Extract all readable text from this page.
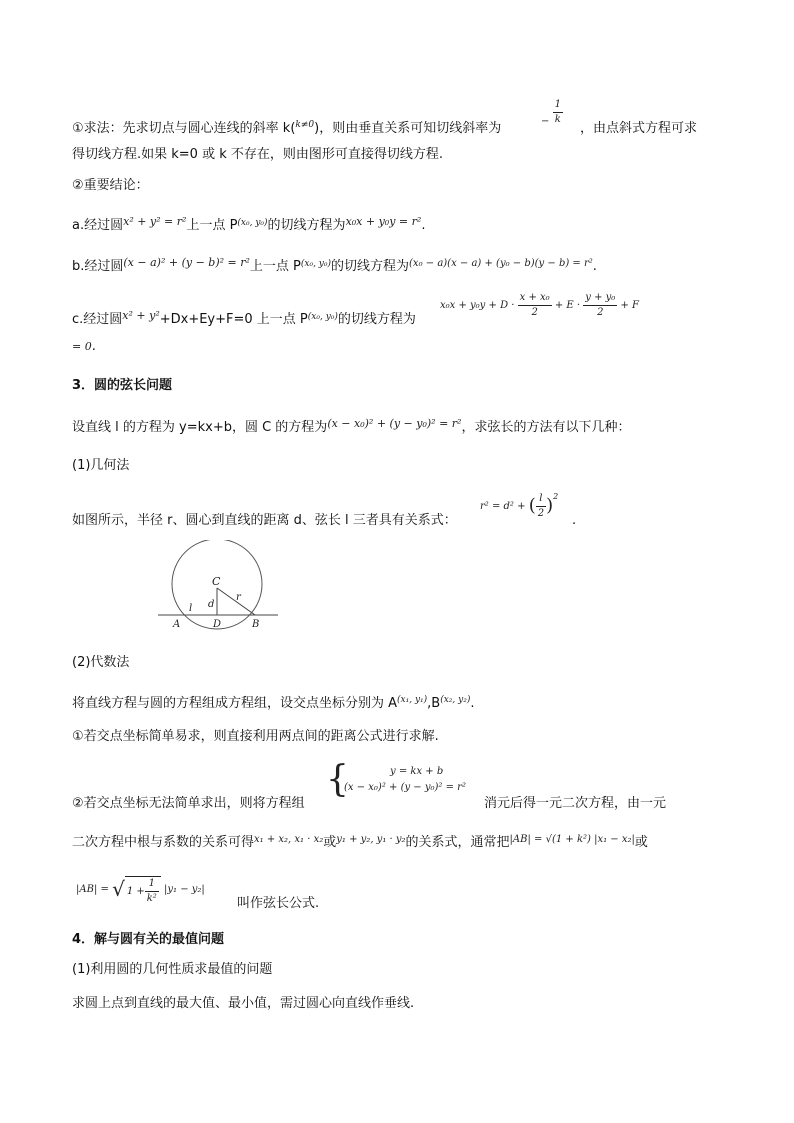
①求法：先求切点与圆心连线的斜率 k($^{k\ne 0}$)，则由垂直关系可知切线斜率为	− $\frac{1}{k}$
，由点斜式方程可求
得切线方程.如果 k=0 或 k 不存在，则由图形可直接得切线方程.
②重要结论：
a.经过圆$^{x^2 + y^2 = r^2}$上一点 $P^{(x_0, y_0)}$的切线方程为$^{x_0x + y_0y = r^2}$.
b.经过圆$^{(x - a)^2 + (y - b)^2 = r^2}$上一点 $P^{(x_0, y_0)}$的切线方程为$^{(x_0 - a)(x - a) + (y_0 - b)(y - b) = r^2}$.
c.经过圆$^{x^2 + y^2}$+Dx+Ey+F=0 上一点 $P^{(x_0, y_0)}$的切线方程为
$x_0x + y_0y + D \cdot \frac{\text{x + x₀}}{2} + E \cdot \frac{\text{y + y₀}}{2} + F$
= 0.
3．圆的弦长问题
设直线 l 的方程为 y=kx+b，圆 C 的方程为$^{(x - x_0)^2 + (y - y_0)^2 = r^2}$，求弦长的方法有以下几种：
(1)几何法
如图所示，半径 r、圆心到直线的距离 d、弦长 l 三者具有关系式：
r² = d² + ( $\frac{l}{2} )^2$
.
C
r
d
l
A	D	B
(2)代数法
将直线方程与圆的方程组成方程组，设交点坐标分别为 $A^{(x_1, y_1)},B^{(x_2, y_2)}$.
①若交点坐标简单易求，则直接利用两点间的距离公式进行求解.
②若交点坐标无法简单求出，则将方程组
{	y = kx + b
(x − x₀)² + (y − y₀)² = r²
消元后得一元二次方程，由一元
二次方程中根与系数的关系可得$^{x_1 + x_2, x_1 \cdot x_2}$或$^{y_1 + y_2, y_1 \cdot y_2}$的关系式，通常把$^{|AB| = √(1 + k^2) |x_1 - x_2|}$或
|AB| = √ $1 + \frac{1}{\text{k²}} |y_1 - y_2|$
叫作弦长公式.
4．解与圆有关的最值问题
(1)利用圆的几何性质求最值的问题
求圆上点到直线的最大值、最小值，需过圆心向直线作垂线.
